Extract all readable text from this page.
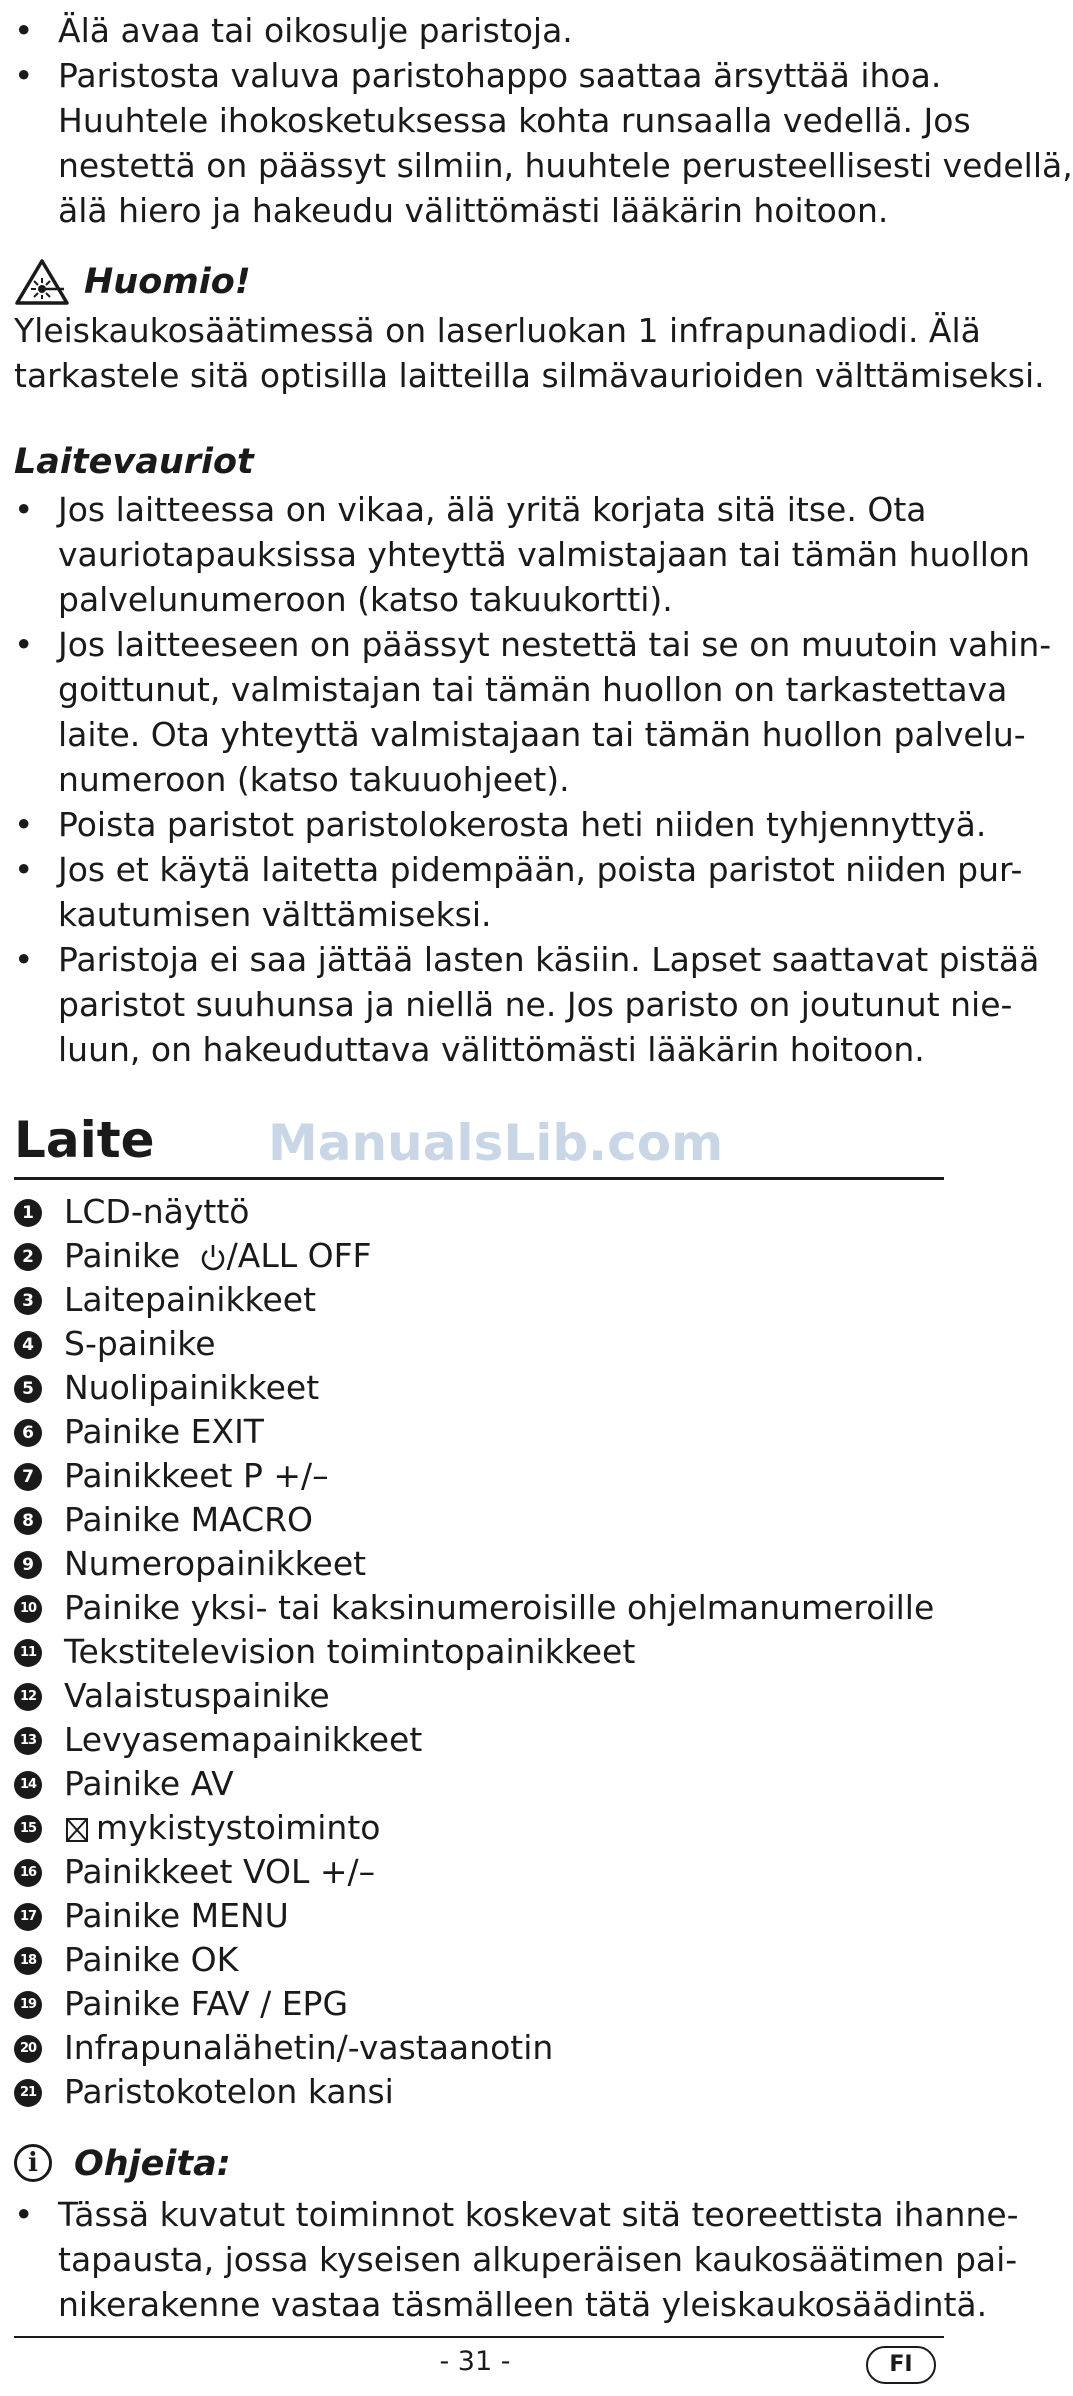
• Älä avaa tai oikosulje paristoja.
• Paristosta valuva paristohappo saattaa ärsyttää ihoa.
Huuhtele ihokosketuksessa kohta runsaalla vedellä. Jos
nestettä on päässyt silmiin, huuhtele perusteellisesti vedellä,
älä hiero ja hakeudu välittömästi lääkärin hoitoon.
Huomio!
Yleiskaukosäätimessä on laserluokan 1 infrapunadiodi. Älä
tarkastele sitä optisilla laitteilla silmävaurioiden välttämiseksi.
Laitevauriot
• Jos laitteessa on vikaa, älä yritä korjata sitä itse. Ota
vauriotapauksissa yhteyttä valmistajaan tai tämän huollon
palvelunumeroon (katso takuukortti).
• Jos laitteeseen on päässyt nestettä tai se on muutoin vahin-
goittunut, valmistajan tai tämän huollon on tarkastettava
laite. Ota yhteyttä valmistajaan tai tämän huollon palvelu-
numeroon (katso takuuohjeet).
• Poista paristot paristolokerosta heti niiden tyhjennyttyä.
• Jos et käytä laitetta pidempään, poista paristot niiden pur-
kautumisen välttämiseksi.
• Paristoja ei saa jättää lasten käsiin. Lapset saattavat pistää
paristot suuhunsa ja niellä ne. Jos paristo on joutunut nie-
luun, on hakeuduttava välittömästi lääkärin hoitoon.
Laite ManualsLib.com
1 LCD-näyttö
2 Painike /ALL OFF
3 Laitepainikkeet
4 S-painike
5 Nuolipainikkeet
6 Painike EXIT
7 Painikkeet P +/–
8 Painike MACRO
9 Numeropainikkeet
10 Painike yksi- tai kaksinumeroisille ohjelmanumeroille
11 Tekstitelevision toimintopainikkeet
12 Valaistuspainike
13 Levyasemapainikkeet
14 Painike AV
15	mykistystoiminto
16 Painikkeet VOL +/–
17 Painike MENU
18 Painike OK
19 Painike FAV / EPG
20 Infrapunalähetin/-vastaanotin
21 Paristokotelon kansi
i	Ohjeita:
• Tässä kuvatut toiminnot koskevat sitä teoreettista ihanne-
tapausta, jossa kyseisen alkuperäisen kaukosäätimen pai-
nikerakenne vastaa täsmälleen tätä yleiskaukosäädintä.
- 31 -	FI
